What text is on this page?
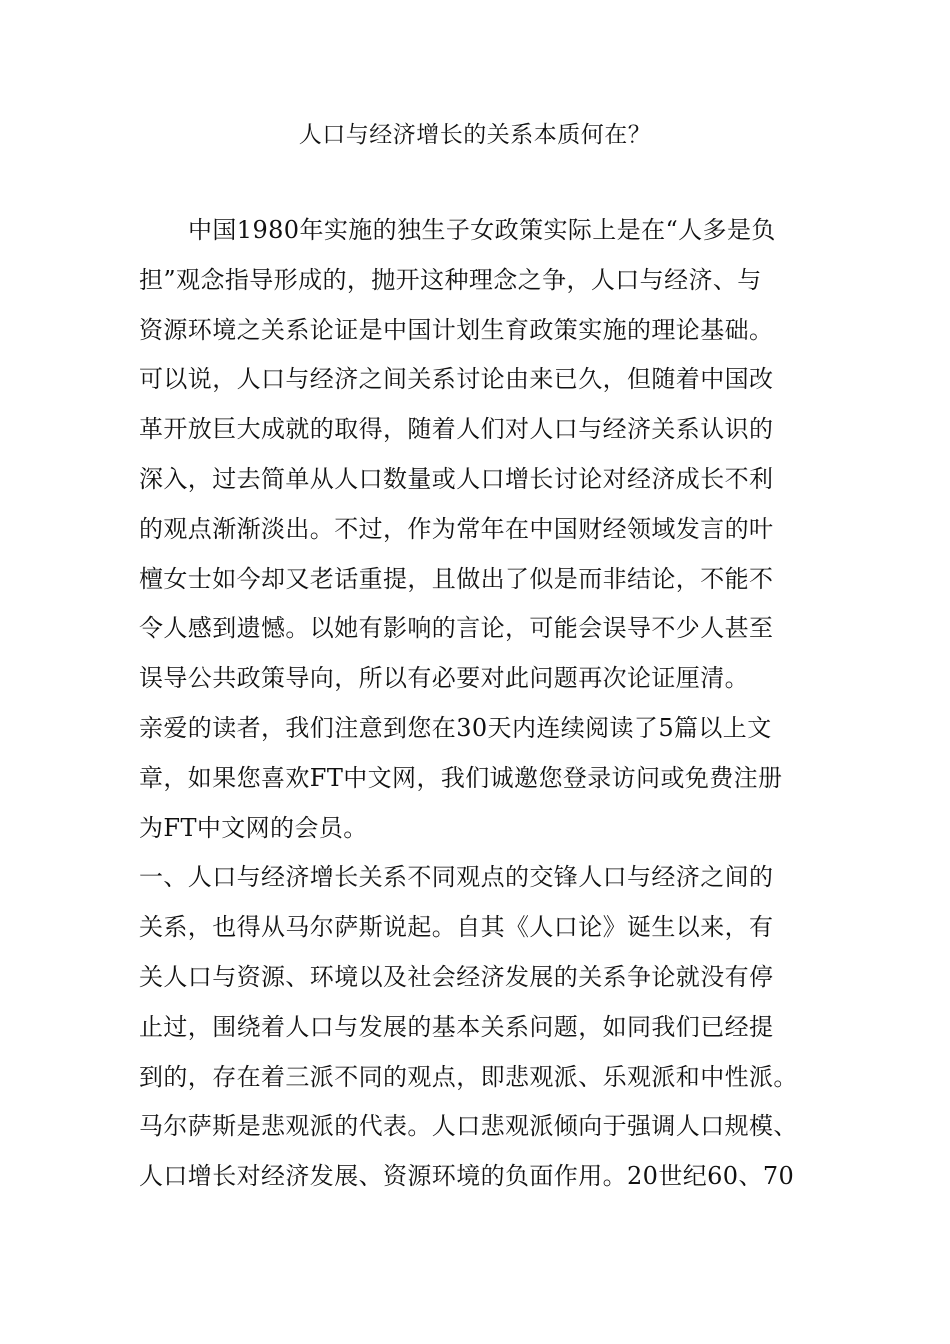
人口与经济增长的关系本质何在？
中国1980年实施的独生子女政策实际上是在“人多是负
担”观念指导形成的，抛开这种理念之争，人口与经济、与
资源环境之关系论证是中国计划生育政策实施的理论基础。
可以说，人口与经济之间关系讨论由来已久，但随着中国改
革开放巨大成就的取得，随着人们对人口与经济关系认识的
深入，过去简单从人口数量或人口增长讨论对经济成长不利
的观点渐渐淡出。不过，作为常年在中国财经领域发言的叶
檀女士如今却又老话重提，且做出了似是而非结论，不能不
令人感到遗憾。以她有影响的言论，可能会误导不少人甚至
误导公共政策导向，所以有必要对此问题再次论证厘清。
亲爱的读者，我们注意到您在30天内连续阅读了5篇以上文
章，如果您喜欢FT中文网，我们诚邀您登录访问或免费注册
为FT中文网的会员。
一、人口与经济增长关系不同观点的交锋人口与经济之间的
关系，也得从马尔萨斯说起。自其《人口论》诞生以来，有
关人口与资源、环境以及社会经济发展的关系争论就没有停
止过，围绕着人口与发展的基本关系问题，如同我们已经提
到的，存在着三派不同的观点，即悲观派、乐观派和中性派。
马尔萨斯是悲观派的代表。人口悲观派倾向于强调人口规模、
人口增长对经济发展、资源环境的负面作用。20世纪60、70
